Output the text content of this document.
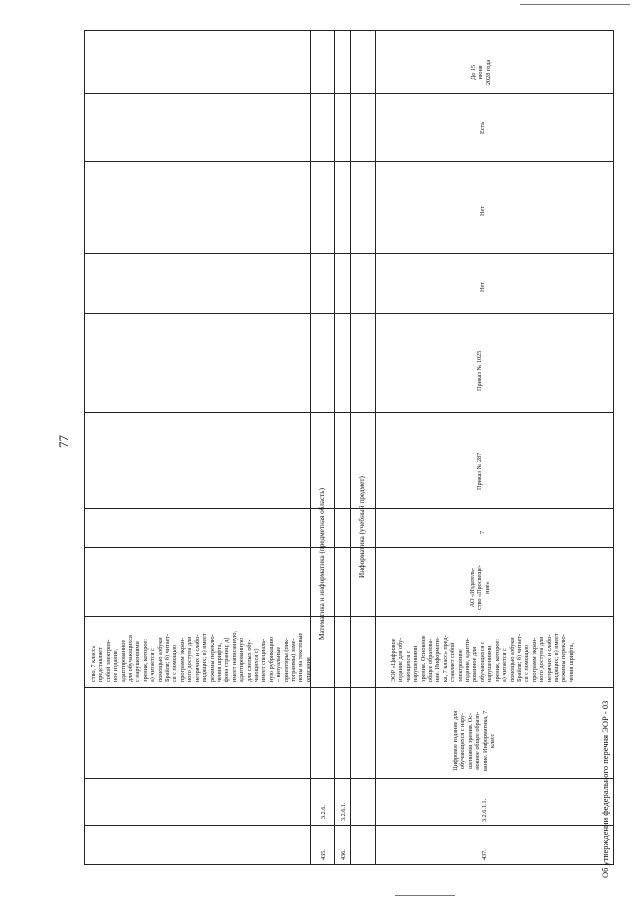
77
435.
3.2.6.
436.
3.2.6.1.
437.
3.2.6.1.1.
Математика и информатика (предметная область)	Информатика (учебный предмет)
ство, 7 класс»
представляет
собой электрон-
ное издание,
адаптированное
для обучающихся
с нарушениями
зрения, которое:
а) читается с
помощью азбуки
Брайля; б) читает-
ся с помощью
программ экран-
ного доступа для
незрячих и слабо-
видящих; в) имеет
режимы переклю-
чения шрифта,
фона страниц; д)
имеет написанную,
адаптированную
для слепых обу-
чающихся с)
имеет специаль-
ную рубрикацию
– визуальные
ориентиры (пик-
тограммы) заме-
нены на текстовые
описания
Цифровое издание для
обучающихся с нару-
шениями зрения. Ос-
новное общее образо-
вание. Информатика, 7
класс
ЭОР «Цифровое
издание для обу-
чающихся с
нарушениями
зрения. Основное
общее образова-
ние. Информати-
ка, 7 класс» пред-
ставляет собой
электронное
издание, адапти-
рованное для
обучающихся с
нарушениями
зрения, которое:
а) читается с
помощью азбуки
Брайля; б) читает-
ся с помощью
программ экран-
ного доступа для
незрячих и слабо-
видящих; в) имеет
режимы переклю-
чения шрифта,
АО «Издатель-
ство «Просвеще-
ние»
7
Приказ № 287
Приказ № 1025
Нет
Нет
Есть
До 15
июня
2028 года
Об утверждении федерального перечня ЭОР - 03
